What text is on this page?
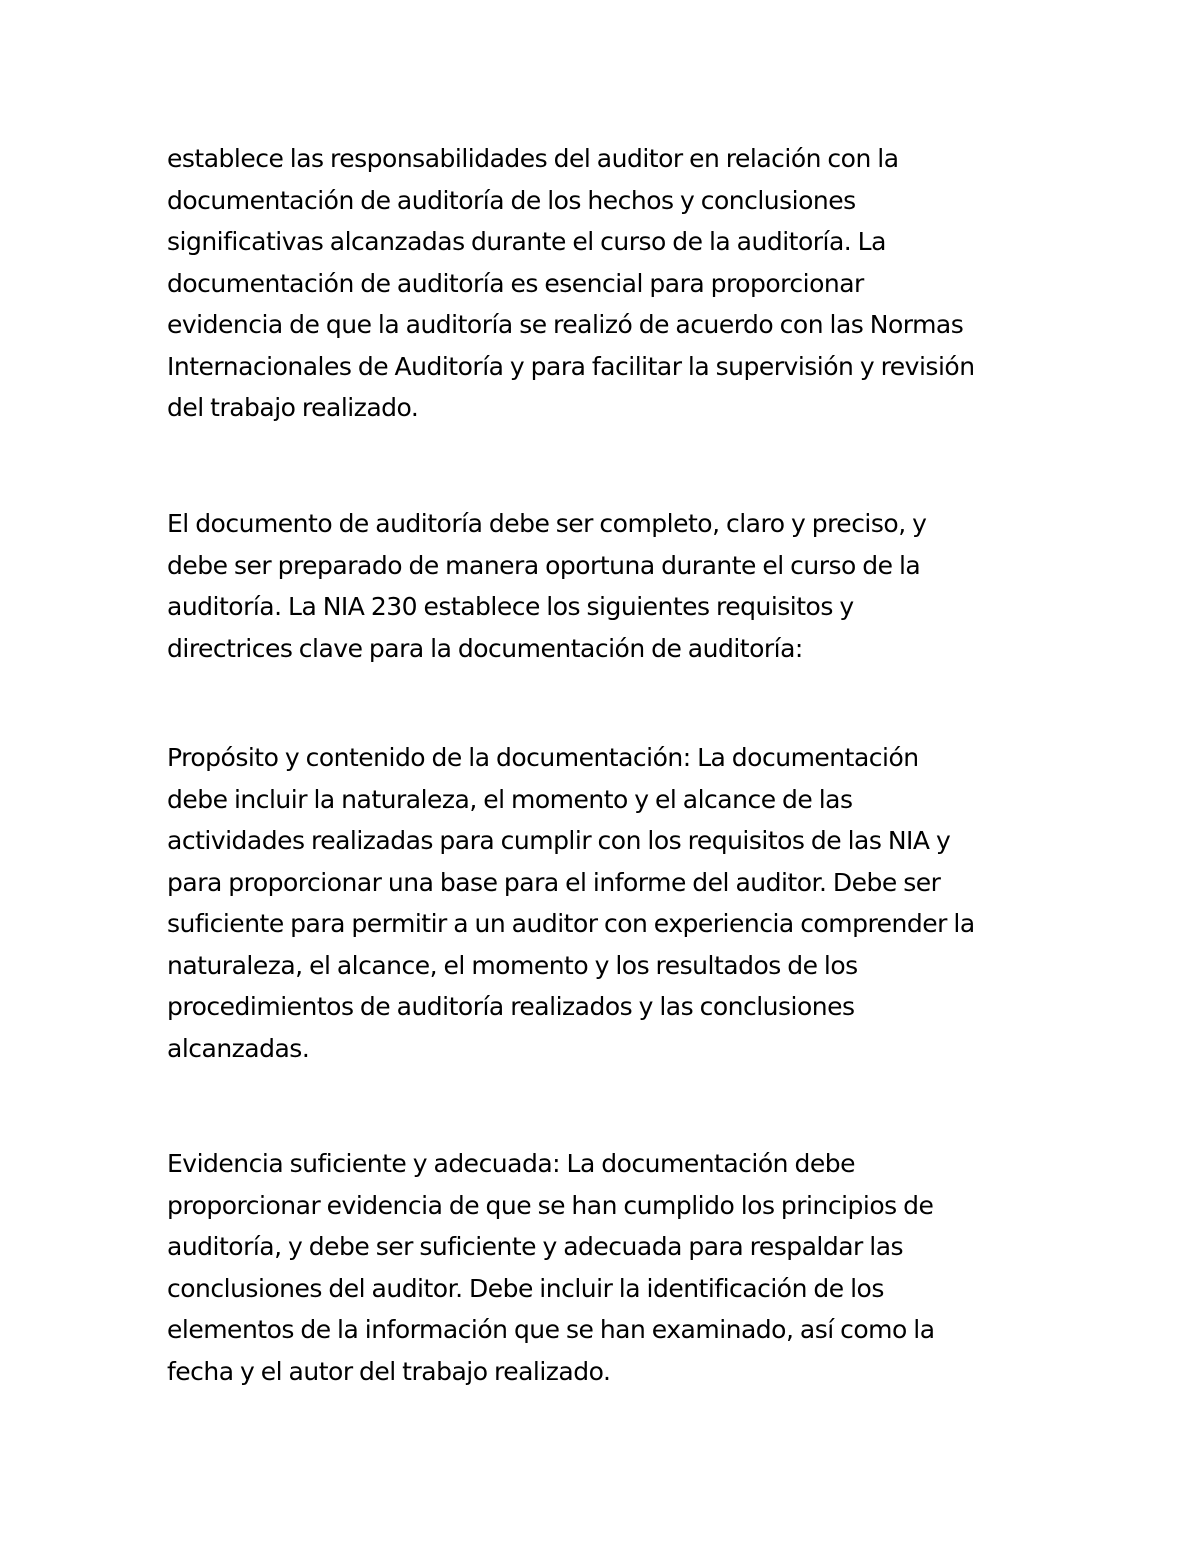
establece las responsabilidades del auditor en relación con la
documentación de auditoría de los hechos y conclusiones
significativas alcanzadas durante el curso de la auditoría. La
documentación de auditoría es esencial para proporcionar
evidencia de que la auditoría se realizó de acuerdo con las Normas
Internacionales de Auditoría y para facilitar la supervisión y revisión
del trabajo realizado.

El documento de auditoría debe ser completo, claro y preciso, y
debe ser preparado de manera oportuna durante el curso de la
auditoría. La NIA 230 establece los siguientes requisitos y
directrices clave para la documentación de auditoría:

Propósito y contenido de la documentación: La documentación
debe incluir la naturaleza, el momento y el alcance de las
actividades realizadas para cumplir con los requisitos de las NIA y
para proporcionar una base para el informe del auditor. Debe ser
suficiente para permitir a un auditor con experiencia comprender la
naturaleza, el alcance, el momento y los resultados de los
procedimientos de auditoría realizados y las conclusiones
alcanzadas.

Evidencia suficiente y adecuada: La documentación debe
proporcionar evidencia de que se han cumplido los principios de
auditoría, y debe ser suficiente y adecuada para respaldar las
conclusiones del auditor. Debe incluir la identificación de los
elementos de la información que se han examinado, así como la
fecha y el autor del trabajo realizado.
